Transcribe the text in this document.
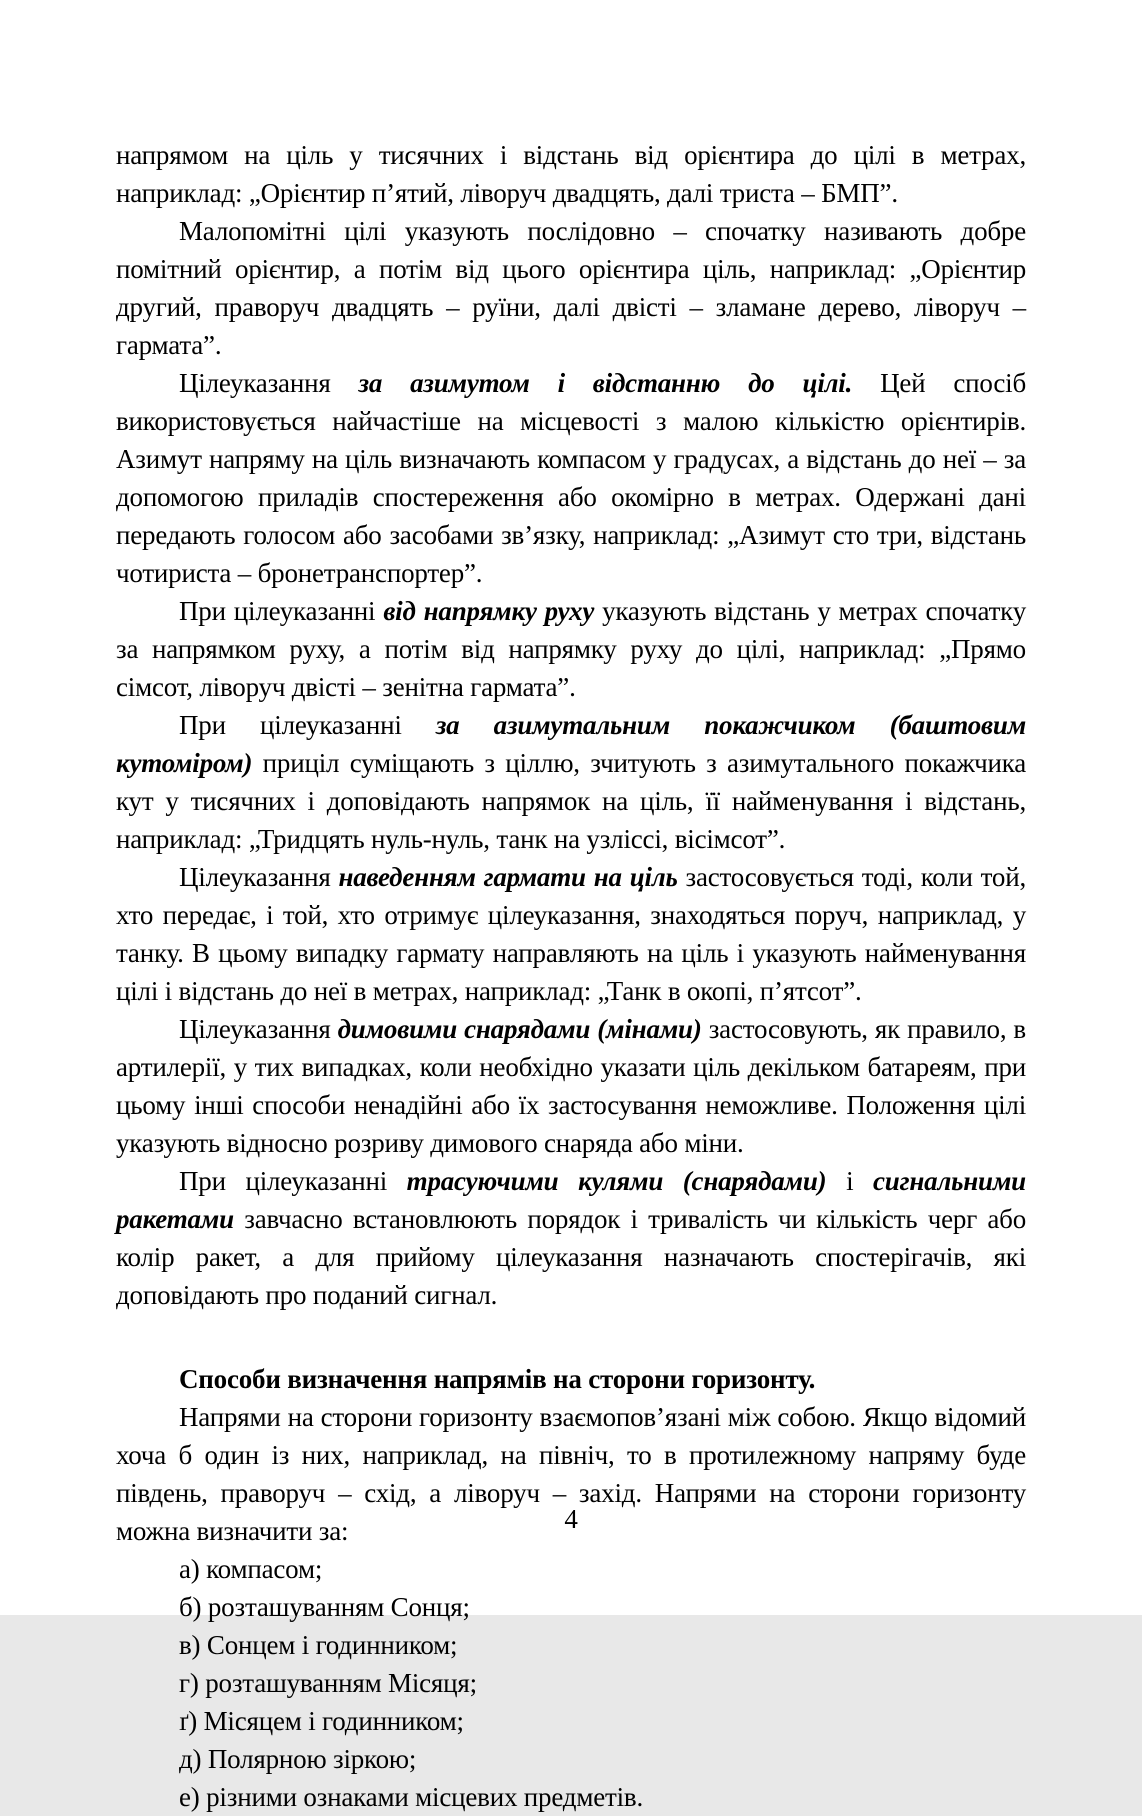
напрямом на ціль у тисячних і відстань від орієнтира до цілі в метрах, наприклад: „Орієнтир п’ятий, ліворуч двадцять, далі триста – БМП”.

Малопомітні цілі указують послідовно – спочатку називають добре помітний орієнтир, а потім від цього орієнтира ціль, наприклад: „Орієнтир другий, праворуч двадцять – руїни, далі двісті – зламане дерево, ліворуч – гармата”.

Цілеуказання за азимутом і відстанню до цілі. Цей спосіб використовується найчастіше на місцевості з малою кількістю орієнтирів. Азимут напряму на ціль визначають компасом у градусах, а відстань до неї – за допомогою приладів спостереження або окомірно в метрах. Одержані дані передають голосом або засобами зв’язку, наприклад: „Азимут сто три, відстань чотириста – бронетранспортер”.

При цілеуказанні від напрямку руху указують відстань у метрах спочатку за напрямком руху, а потім від напрямку руху до цілі, наприклад: „Прямо сімсот, ліворуч двісті – зенітна гармата”.

При цілеуказанні за азимутальним покажчиком (баштовим кутоміром) приціл суміщають з ціллю, зчитують з азимутального покажчика кут у тисячних і доповідають напрямок на ціль, її найменування і відстань, наприклад: „Тридцять нуль-нуль, танк на узліссі, вісімсот”.

Цілеуказання наведенням гармати на ціль застосовується тоді, коли той, хто передає, і той, хто отримує цілеуказання, знаходяться поруч, наприклад, у танку. В цьому випадку гармату направляють на ціль і указують найменування цілі і відстань до неї в метрах, наприклад: „Танк в окопі, п’ятсот”.

Цілеуказання димовими снарядами (мінами) застосовують, як правило, в артилерії, у тих випадках, коли необхідно указати ціль декільком батареям, при цьому інші способи ненадійні або їх застосування неможливе. Положення цілі указують відносно розриву димового снаряда або міни.

При цілеуказанні трасуючими кулями (снарядами) і сигнальними ракетами завчасно встановлюють порядок і тривалість чи кількість черг або колір ракет, а для прийому цілеуказання назначають спостерігачів, які доповідають про поданий сигнал.

Способи визначення напрямів на сторони горизонту.

Напрями на сторони горизонту взаємопов’язані між собою. Якщо відомий хоча б один із них, наприклад, на північ, то в протилежному напряму буде південь, праворуч – схід, а ліворуч – захід. Напрями на сторони горизонту можна визначити за:

а) компасом;

б) розташуванням Сонця;

в) Сонцем і годинником;

г) розташуванням Місяця;

ґ) Місяцем і годинником;

д) Полярною зіркою;

е) різними ознаками місцевих предметів.

4
